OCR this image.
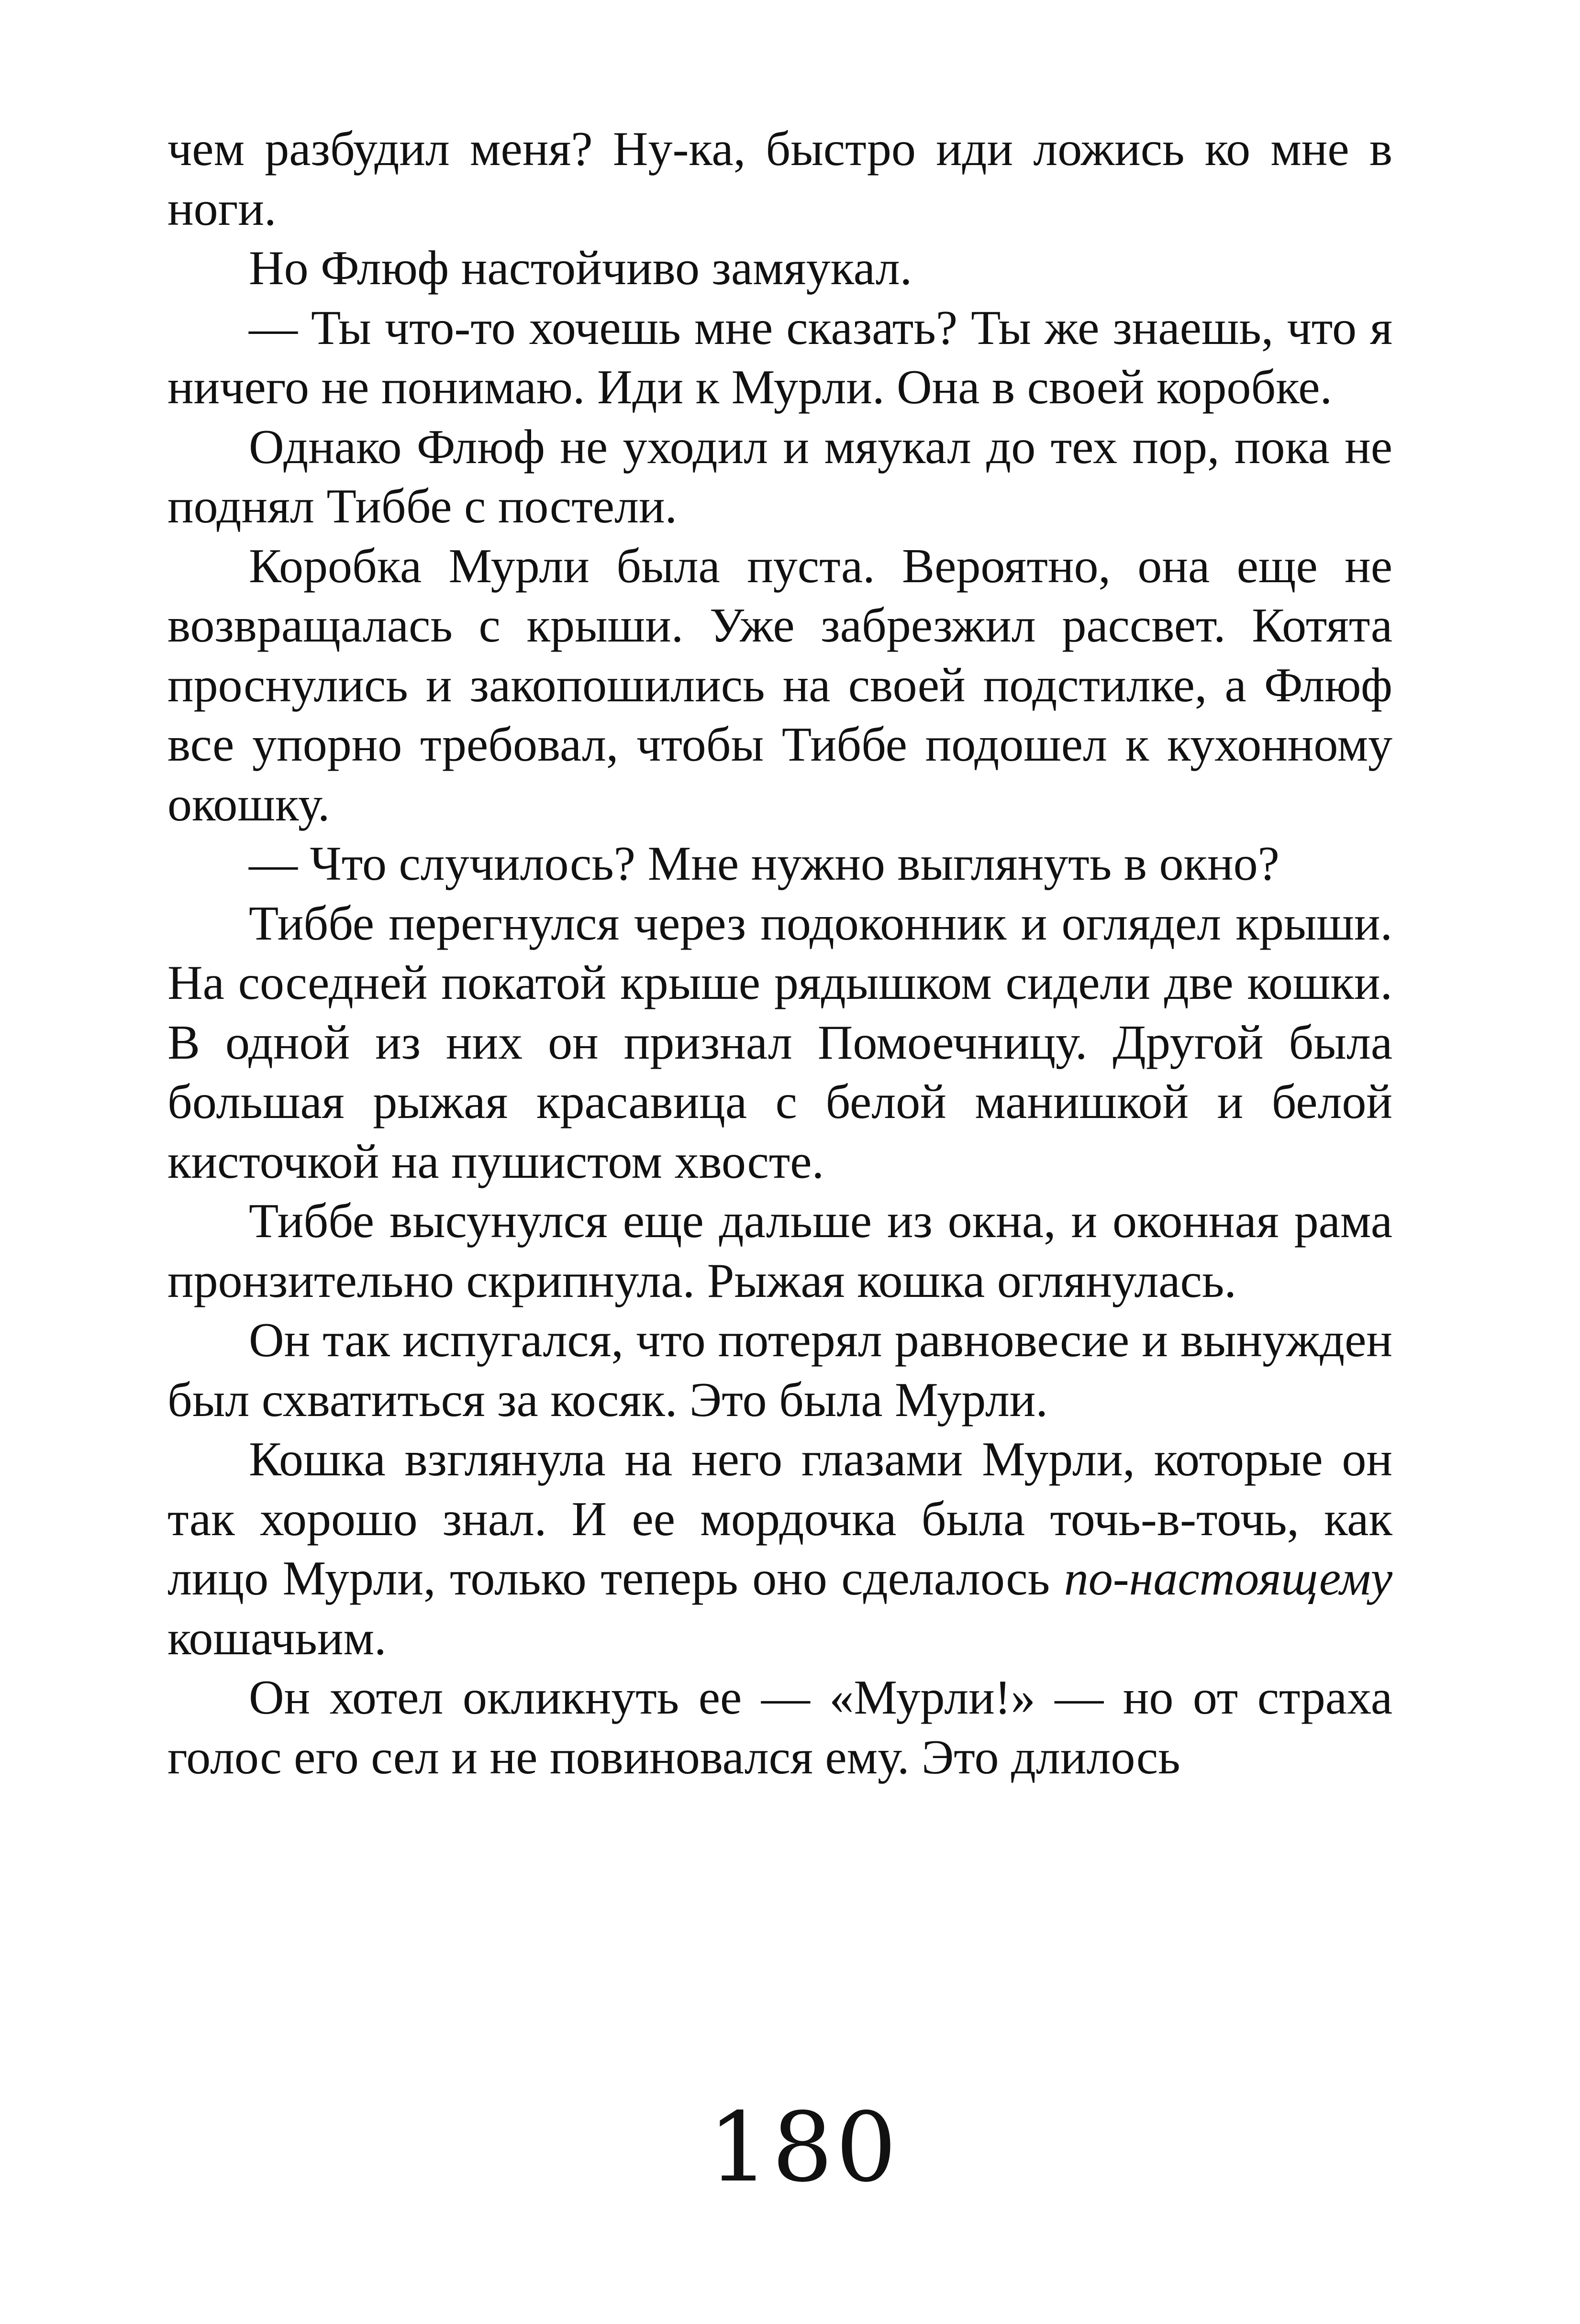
чем разбудил меня? Ну-ка, быстро иди ложись ко мне в ноги.

Но Флюф настойчиво замяукал.

— Ты что-то хочешь мне сказать? Ты же знаешь, что я ничего не понимаю. Иди к Мурли. Она в своей коробке.

Однако Флюф не уходил и мяукал до тех пор, пока не поднял Тиббе с постели.

Коробка Мурли была пуста. Вероятно, она еще не возвращалась с крыши. Уже забрезжил рассвет. Котята проснулись и закопошились на своей подстилке, а Флюф все упорно требовал, чтобы Тиббе подошел к кухонному окошку.

— Что случилось? Мне нужно выглянуть в окно?

Тиббе перегнулся через подоконник и оглядел крыши. На соседней покатой крыше рядышком сидели две кошки. В одной из них он признал Помоечницу. Другой была большая рыжая красавица с белой манишкой и белой кисточкой на пушистом хвосте.

Тиббе высунулся еще дальше из окна, и оконная рама пронзительно скрипнула. Рыжая кошка оглянулась.

Он так испугался, что потерял равновесие и вынужден был схватиться за косяк. Это была Мурли.

Кошка взглянула на него глазами Мурли, которые он так хорошо знал. И ее мордочка была точь-в-точь, как лицо Мурли, только теперь оно сделалось по-настоящему кошачьим.

Он хотел окликнуть ее — «Мурли!» — но от страха голос его сел и не повиновался ему. Это длилось

180
